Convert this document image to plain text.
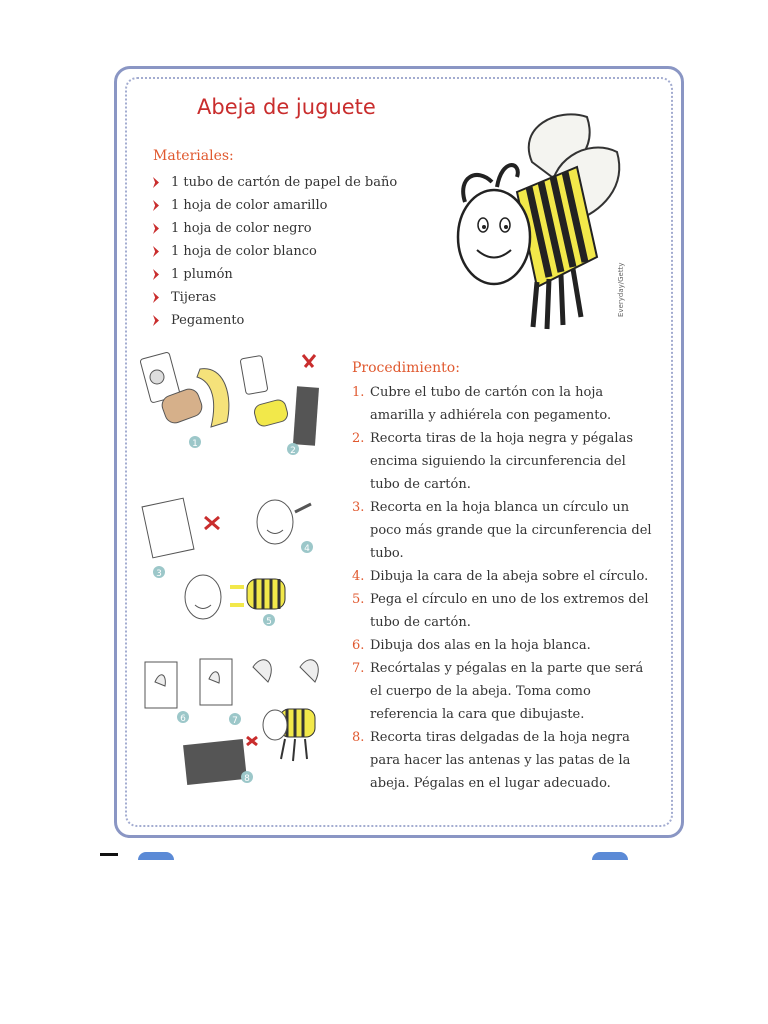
Abeja de juguete
Materiales:
1 tubo de cartón de papel de baño
1 hoja de color amarillo
1 hoja de color negro
1 hoja de color blanco
1 plumón
Tijeras
Pegamento
Everyday/Getty
1
2
3
4
5
6	7
8
Procedimiento:
1. Cubre el tubo de cartón con la hoja amarilla y adhiérela con pegamento.
2. Recorta tiras de la hoja negra y pégalas encima siguiendo la circunferencia del tubo de cartón.
3. Recorta en la hoja blanca un círculo un poco más grande que la circunferencia del tubo.
4. Dibuja la cara de la abeja sobre el círculo.
5. Pega el círculo en uno de los extremos del tubo de cartón.
6. Dibuja dos alas en la hoja blanca.
7. Recórtalas y pégalas en la parte que será el cuerpo de la abeja. Toma como referencia la cara que dibujaste.
8. Recorta tiras delgadas de la hoja negra para hacer las antenas y las patas de la abeja. Pégalas en el lugar adecuado.
